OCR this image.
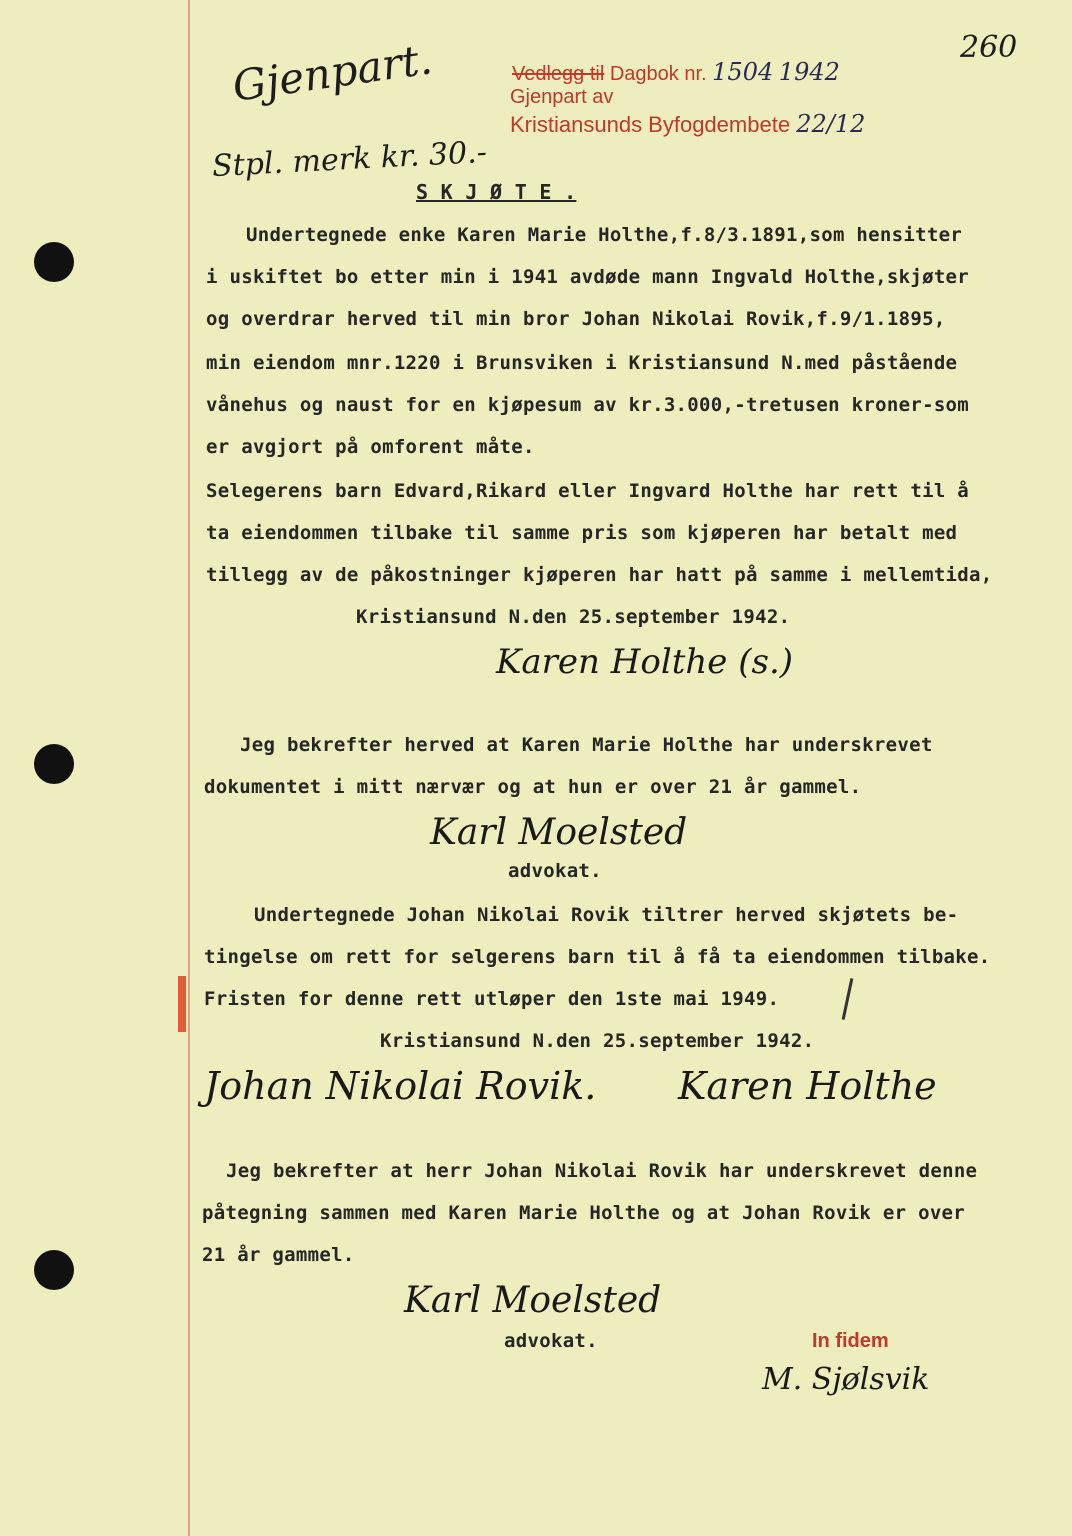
Gjenpart.	260
Vedlegg til Dagbok nr. 1504 1942
Gjenpart av
Kristiansunds Byfogdembete 22/12
Stpl. merk kr. 30.-
S K J Ø T E .
Undertegnede enke Karen Marie Holthe,f.8/3.1891,som hensitter
i uskiftet bo etter min i 1941 avdøde mann Ingvald Holthe,skjøter
og overdrar herved til min bror Johan Nikolai Rovik,f.9/1.1895,
min eiendom mnr.1220 i Brunsviken i Kristiansund N.med påstående
vånehus og naust for en kjøpesum av kr.3.000,-tretusen kroner-som
er avgjort på omforent måte.
Selegerens barn Edvard,Rikard eller Ingvard Holthe har rett til å
ta eiendommen tilbake til samme pris som kjøperen har betalt med
tillegg av de påkostninger kjøperen har hatt på samme i mellemtida,
Kristiansund N.den 25.september 1942.
Karen Holthe (s.)
Jeg bekrefter herved at Karen Marie Holthe har underskrevet
dokumentet i mitt nærvær og at hun er over 21 år gammel.
Karl Moelsted
advokat.
Undertegnede Johan Nikolai Rovik tiltrer herved skjøtets be-
tingelse om rett for selgerens barn til å få ta eiendommen tilbake.
Fristen for denne rett utløper den 1ste mai 1949.
Kristiansund N.den 25.september 1942.
Johan Nikolai Rovik. Karen Holthe
Jeg bekrefter at herr Johan Nikolai Rovik har underskrevet denne
påtegning sammen med Karen Marie Holthe og at Johan Rovik er over
21 år gammel.
Karl Moelsted
advokat.	In fidem
M. Sjølsvik
